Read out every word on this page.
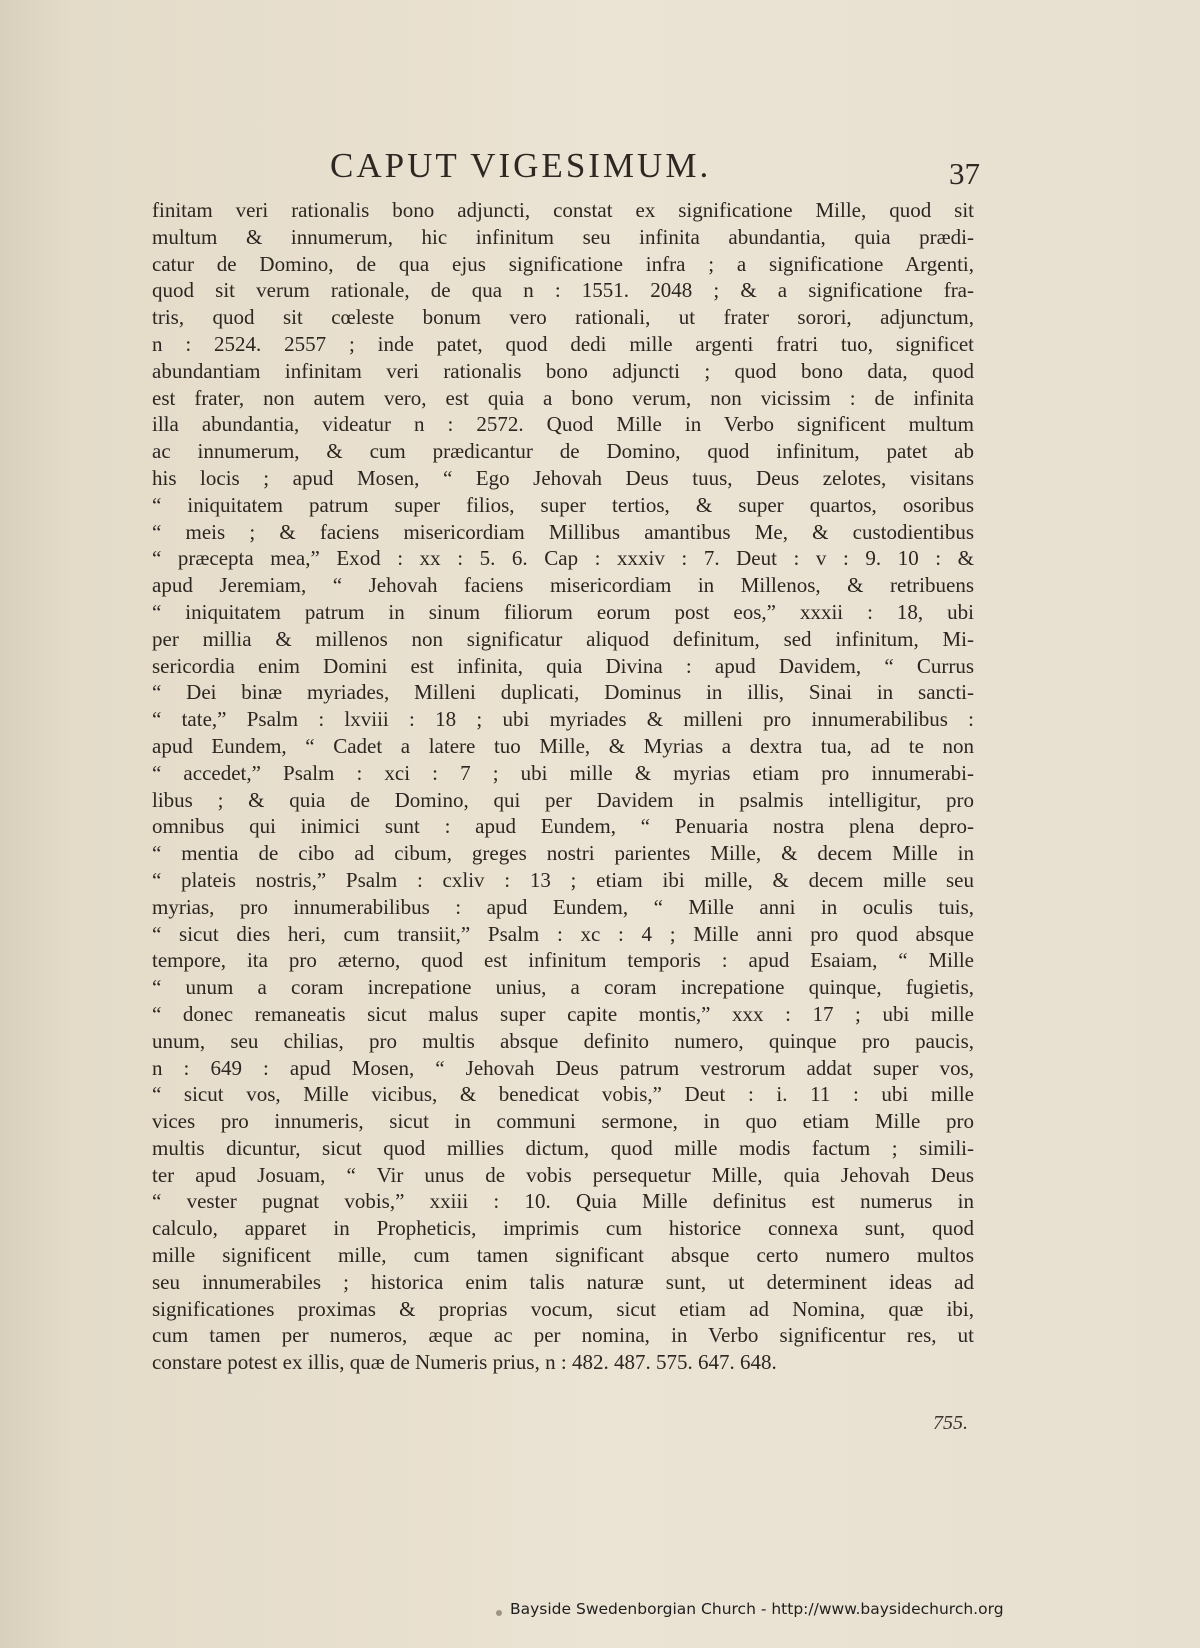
CAPUT VIGESIMUM.	37
finitam veri rationalis bono adjuncti, constat ex significatione Mille, quod sit
multum & innumerum, hic infinitum seu infinita abundantia, quia prædi-
catur de Domino, de qua ejus significatione infra ; a significatione Argenti,
quod sit verum rationale, de qua n : 1551. 2048 ; & a significatione fra-
tris, quod sit cœleste bonum vero rationali, ut frater sorori, adjunctum,
n : 2524. 2557 ; inde patet, quod dedi mille argenti fratri tuo, significet
abundantiam infinitam veri rationalis bono adjuncti ; quod bono data, quod
est frater, non autem vero, est quia a bono verum, non vicissim : de infinita
illa abundantia, videatur n : 2572. Quod Mille in Verbo significent multum
ac innumerum, & cum prædicantur de Domino, quod infinitum, patet ab
his locis ; apud Mosen, “ Ego Jehovah Deus tuus, Deus zelotes, visitans
“ iniquitatem patrum super filios, super tertios, & super quartos, osoribus
“ meis ; & faciens misericordiam Millibus amantibus Me, & custodientibus
“ præcepta mea,” Exod : xx : 5. 6. Cap : xxxiv : 7. Deut : v : 9. 10 : &
apud Jeremiam, “ Jehovah faciens misericordiam in Millenos, & retribuens
“ iniquitatem patrum in sinum filiorum eorum post eos,” xxxii : 18, ubi
per millia & millenos non significatur aliquod definitum, sed infinitum, Mi-
sericordia enim Domini est infinita, quia Divina : apud Davidem, “ Currus
“ Dei binæ myriades, Milleni duplicati, Dominus in illis, Sinai in sancti-
“ tate,” Psalm : lxviii : 18 ; ubi myriades & milleni pro innumerabilibus :
apud Eundem, “ Cadet a latere tuo Mille, & Myrias a dextra tua, ad te non
“ accedet,” Psalm : xci : 7 ; ubi mille & myrias etiam pro innumerabi-
libus ; & quia de Domino, qui per Davidem in psalmis intelligitur, pro
omnibus qui inimici sunt : apud Eundem, “ Penuaria nostra plena depro-
“ mentia de cibo ad cibum, greges nostri parientes Mille, & decem Mille in
“ plateis nostris,” Psalm : cxliv : 13 ; etiam ibi mille, & decem mille seu
myrias, pro innumerabilibus : apud Eundem, “ Mille anni in oculis tuis,
“ sicut dies heri, cum transiit,” Psalm : xc : 4 ; Mille anni pro quod absque
tempore, ita pro æterno, quod est infinitum temporis : apud Esaiam, “ Mille
“ unum a coram increpatione unius, a coram increpatione quinque, fugietis,
“ donec remaneatis sicut malus super capite montis,” xxx : 17 ; ubi mille
unum, seu chilias, pro multis absque definito numero, quinque pro paucis,
n : 649 : apud Mosen, “ Jehovah Deus patrum vestrorum addat super vos,
“ sicut vos, Mille vicibus, & benedicat vobis,” Deut : i. 11 : ubi mille
vices pro innumeris, sicut in communi sermone, in quo etiam Mille pro
multis dicuntur, sicut quod millies dictum, quod mille modis factum ; simili-
ter apud Josuam, “ Vir unus de vobis persequetur Mille, quia Jehovah Deus
“ vester pugnat vobis,” xxiii : 10. Quia Mille definitus est numerus in
calculo, apparet in Propheticis, imprimis cum historice connexa sunt, quod
mille significent mille, cum tamen significant absque certo numero multos
seu innumerabiles ; historica enim talis naturæ sunt, ut determinent ideas ad
significationes proximas & proprias vocum, sicut etiam ad Nomina, quæ ibi,
cum tamen per numeros, æque ac per nomina, in Verbo significentur res, ut
constare potest ex illis, quæ de Numeris prius, n : 482. 487. 575. 647. 648.
755.
Bayside Swedenborgian Church - http://www.baysidechurch.org
